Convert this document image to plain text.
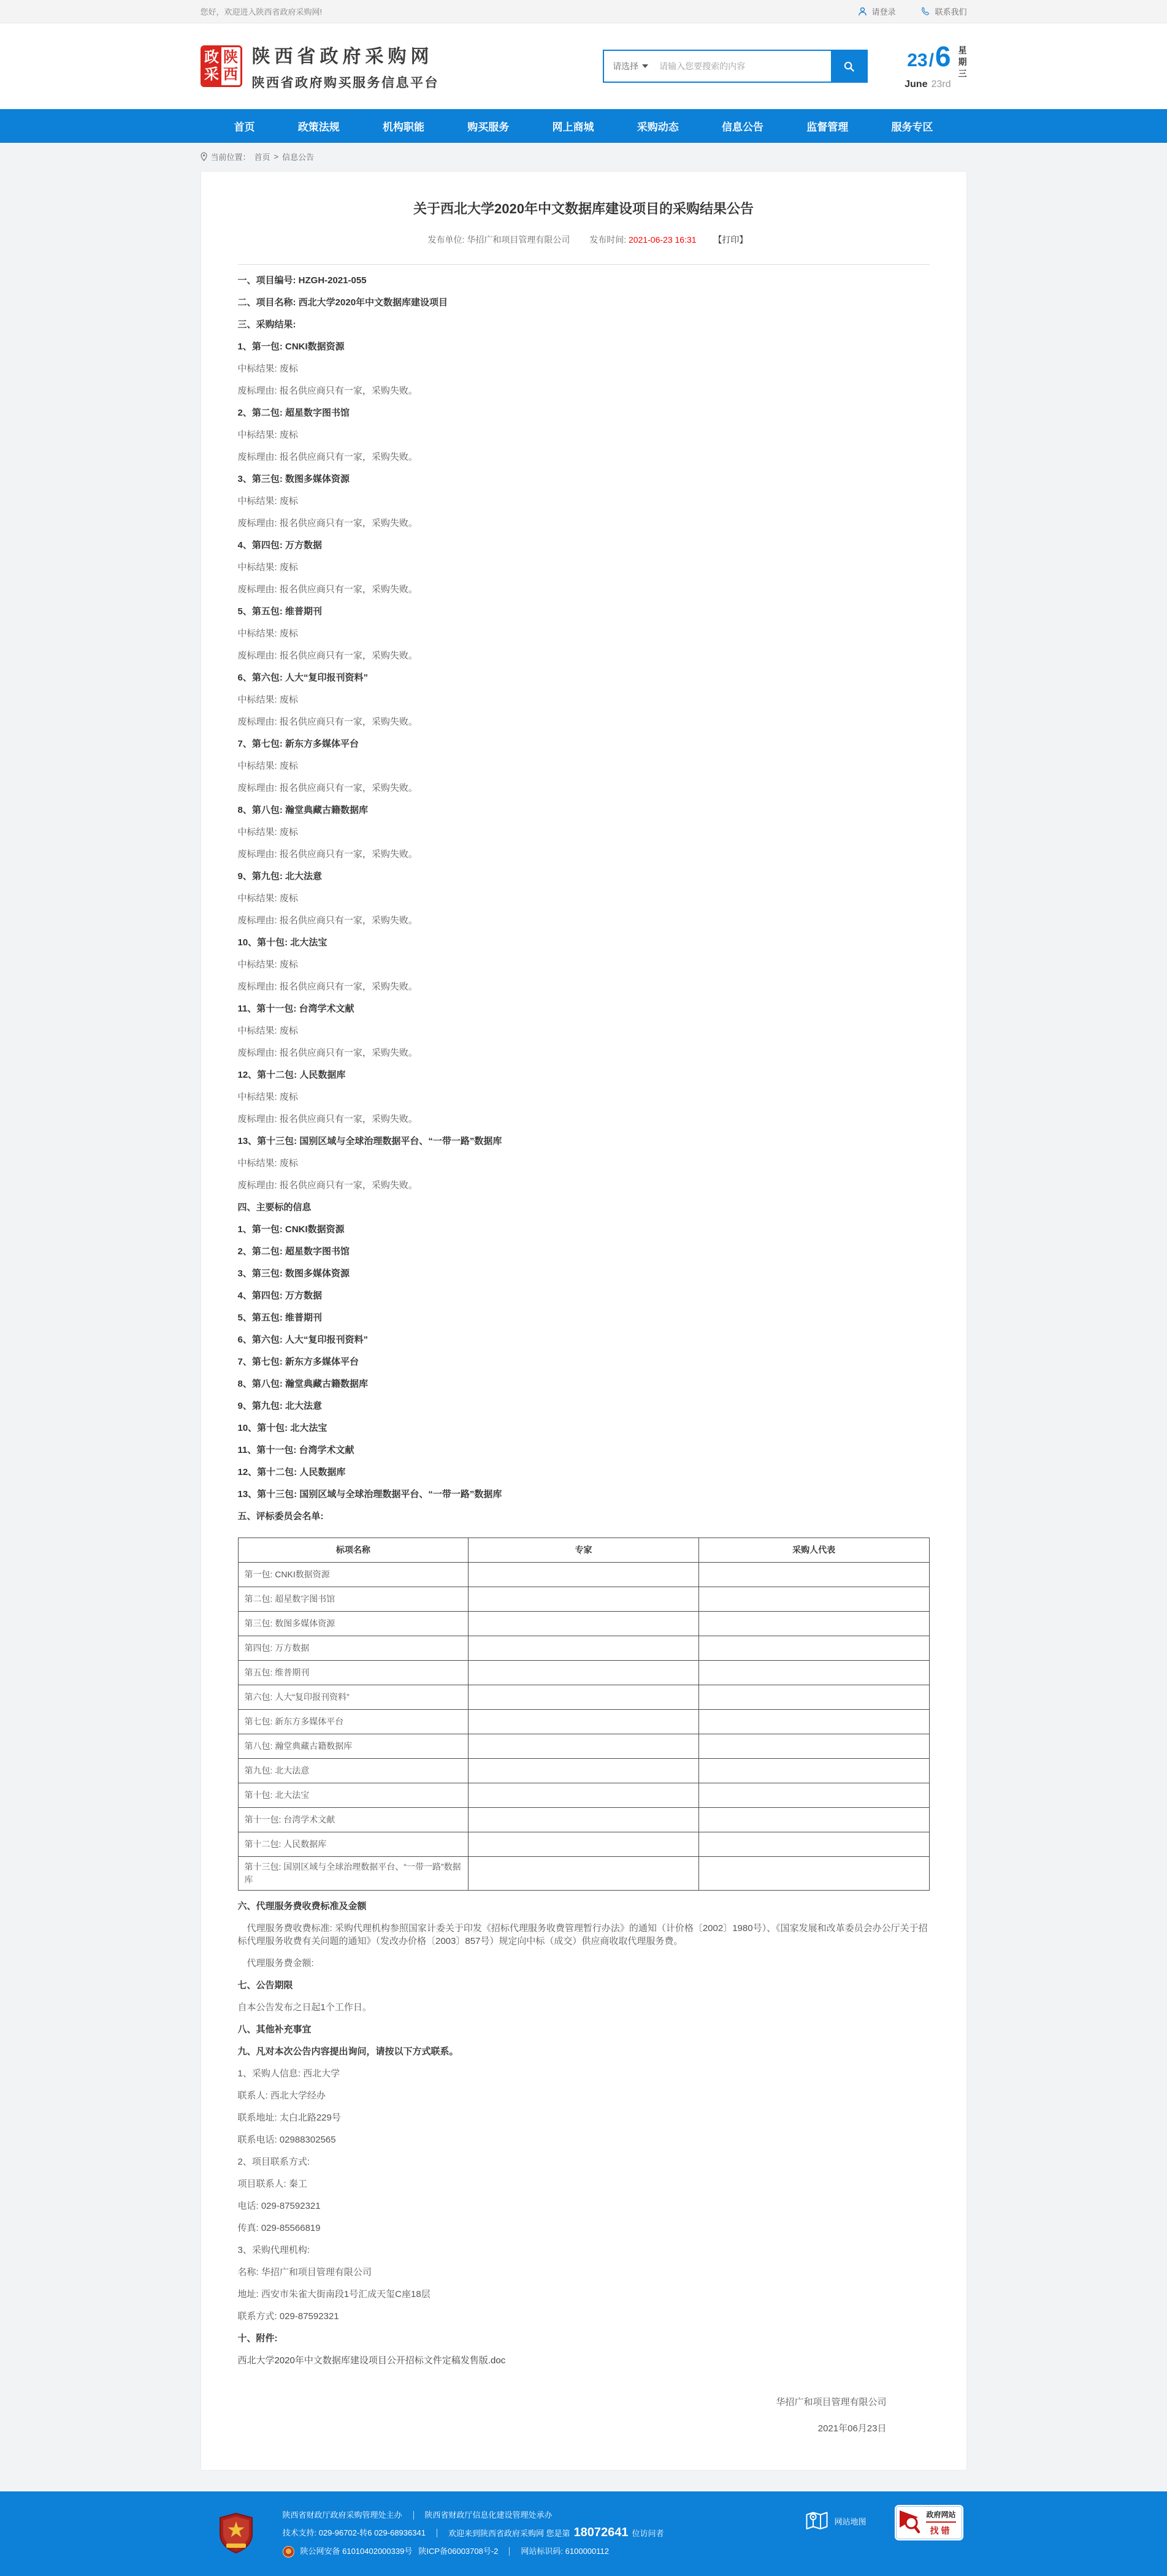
您好，欢迎进入陕西省政府采购网!	请登录	联系我们
政
采
陕
西
陕西省政府采购网
陕西省政府购买服务信息平台
请选择
请输入您要搜索的内容	23/6
June 23rd
星
期
三
首页	政策法规	机构职能	购买服务	网上商城	采购动态	信息公告	监督管理	服务专区
当前位置： 首页 > 信息公告
关于西北大学2020年中文数据库建设项目的采购结果公告
发布单位: 华招广和项目管理有限公司 发布时间: 2021-06-23 16:31 【打印】

一、项目编号: HZGH-2021-055

二、项目名称: 西北大学2020年中文数据库建设项目

三、采购结果:

1、第一包: CNKI数据资源

中标结果: 废标

废标理由: 报名供应商只有一家，采购失败。

2、第二包: 超星数字图书馆

中标结果: 废标

废标理由: 报名供应商只有一家，采购失败。

3、第三包: 数图多媒体资源

中标结果: 废标

废标理由: 报名供应商只有一家，采购失败。

4、第四包: 万方数据

中标结果: 废标

废标理由: 报名供应商只有一家，采购失败。

5、第五包: 维普期刊

中标结果: 废标

废标理由: 报名供应商只有一家，采购失败。

6、第六包: 人大“复印报刊资料”

中标结果: 废标

废标理由: 报名供应商只有一家，采购失败。

7、第七包: 新东方多媒体平台

中标结果: 废标

废标理由: 报名供应商只有一家，采购失败。

8、第八包: 瀚堂典藏古籍数据库

中标结果: 废标

废标理由: 报名供应商只有一家，采购失败。

9、第九包: 北大法意

中标结果: 废标

废标理由: 报名供应商只有一家，采购失败。

10、第十包: 北大法宝

中标结果: 废标

废标理由: 报名供应商只有一家，采购失败。

11、第十一包: 台湾学术文献

中标结果: 废标

废标理由: 报名供应商只有一家，采购失败。

12、第十二包: 人民数据库

中标结果: 废标

废标理由: 报名供应商只有一家，采购失败。

13、第十三包: 国别区域与全球治理数据平台、“一带一路”数据库

中标结果: 废标

废标理由: 报名供应商只有一家，采购失败。

四、主要标的信息

1、第一包: CNKI数据资源

2、第二包: 超星数字图书馆

3、第三包: 数图多媒体资源

4、第四包: 万方数据

5、第五包: 维普期刊

6、第六包: 人大“复印报刊资料”

7、第七包: 新东方多媒体平台

8、第八包: 瀚堂典藏古籍数据库

9、第九包: 北大法意

10、第十包: 北大法宝

11、第十一包: 台湾学术文献

12、第十二包: 人民数据库

13、第十三包: 国别区域与全球治理数据平台、“一带一路”数据库

五、评标委员会名单:

标项名称	专家	采购人代表
第一包: CNKI数据资源		
第二包: 超星数字图书馆		
第三包: 数图多媒体资源		
第四包: 万方数据		
第五包: 维普期刊		
第六包: 人大“复印报刊资料”		
第七包: 新东方多媒体平台		
第八包: 瀚堂典藏古籍数据库		
第九包: 北大法意		
第十包: 北大法宝		
第十一包: 台湾学术文献		
第十二包: 人民数据库		
第十三包: 国别区域与全球治理数据平台、“一带一路”数据库		

六、代理服务费收费标准及金额

代理服务费收费标准: 采购代理机构参照国家计委关于印发《招标代理服务收费管理暂行办法》的通知（计价格〔2002〕1980号）、《国家发展和改革委员会办公厅关于招标代理服务收费有关问题的通知》（发改办价格〔2003〕857号）规定向中标（成交）供应商收取代理服务费。

代理服务费金额:

七、公告期限

自本公告发布之日起1个工作日。

八、其他补充事宜

九、凡对本次公告内容提出询问，请按以下方式联系。

1、采购人信息: 西北大学

联系人: 西北大学经办

联系地址: 太白北路229号

联系电话: 02988302565

2、项目联系方式:

项目联系人: 秦工

电话: 029-87592321

传真: 029-85566819

3、采购代理机构:

名称: 华招广和项目管理有限公司

地址: 西安市朱雀大街南段1号汇成天玺C座18层

联系方式: 029-87592321

十、附件:

西北大学2020年中文数据库建设项目公开招标文件定稿发售版.doc
华招广和项目管理有限公司
2021年06月23日
陕西省财政厅政府采购管理处主办	陕西省财政厅信息化建设管理处承办
技术支持: 029-96702-转6 029-68936341	欢迎来到陕西省政府采购网 您是第 18072641 位访问者
陕公网安备 61010402000339号 陕ICP备06003708号-2	网站标识码: 6100000112
网站地图
政府网站
找错
